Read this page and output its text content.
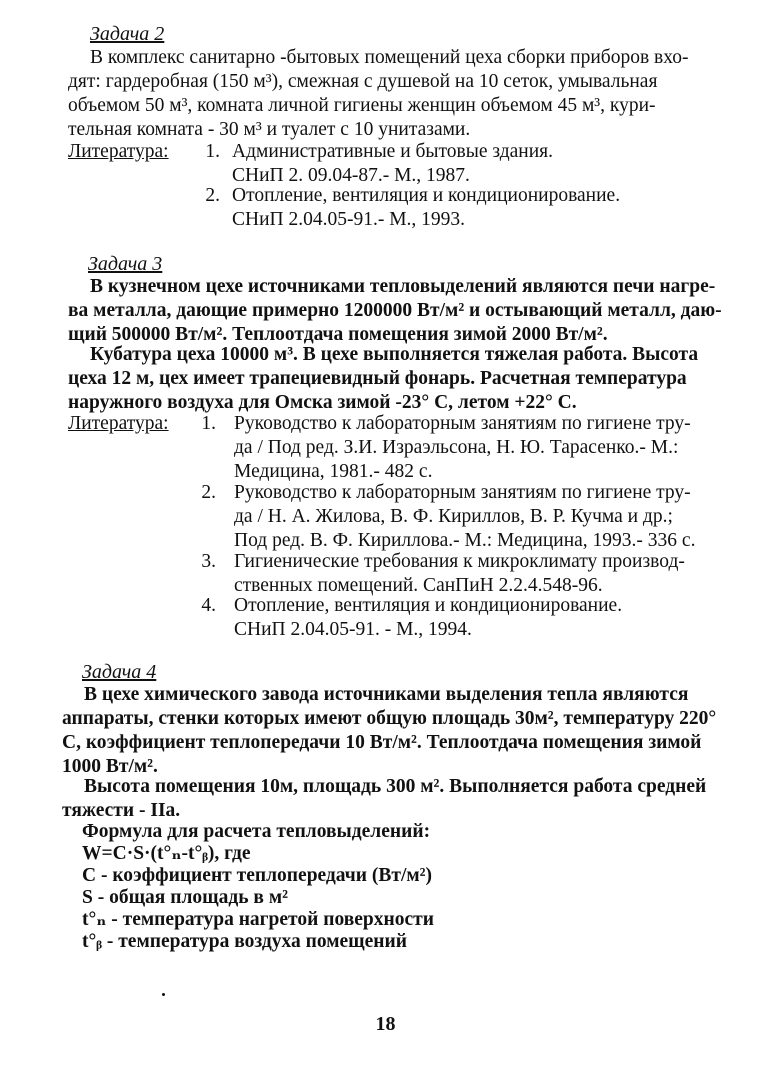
Задача 2
В комплекс санитарно -бытовых помещений цеха сборки приборов вхо-
дят: гардеробная (150 м³), смежная с душевой на 10 сеток, умывальная
объемом 50 м³, комната личной гигиены женщин объемом 45 м³, кури-
тельная комната - 30 м³ и туалет с 10 унитазами.
Литература:	1. Административные и бытовые здания.
СНиП 2. 09.04-87.- М., 1987.
2. Отопление, вентиляция и кондиционирование.
СНиП 2.04.05-91.- М., 1993.
Задача 3
В кузнечном цехе источниками тепловыделений являются печи нагре-
ва металла, дающие примерно 1200000 Вт/м² и остывающий металл, даю-
щий 500000 Вт/м². Теплоотдача помещения зимой 2000 Вт/м².
Кубатура цеха 10000 м³. В цехе выполняется тяжелая работа. Высота
цеха 12 м, цех имеет трапециевидный фонарь. Расчетная температура
наружного воздуха для Омска зимой -23° С, летом +22° С.
Литература:	1. Руководство к лабораторным занятиям по гигиене тру-
да / Под ред. З.И. Израэльсона, Н. Ю. Тарасенко.- М.:
Медицина, 1981.- 482 с.
2. Руководство к лабораторным занятиям по гигиене тру-
да / Н. А. Жилова, В. Ф. Кириллов, В. Р. Кучма и др.;
Под ред. В. Ф. Кириллова.- М.: Медицина, 1993.- 336 с.
3. Гигиенические требования к микроклимату производ-
ственных помещений. СанПиН 2.2.4.548-96.
4. Отопление, вентиляция и кондиционирование.
СНиП 2.04.05-91. - М., 1994.
Задача 4
В цехе химического завода источниками выделения тепла являются
аппараты, стенки которых имеют общую площадь 30м², температуру 220°
С, коэффициент теплопередачи 10 Вт/м². Теплоотдача помещения зимой
1000 Вт/м².
Высота помещения 10м, площадь 300 м². Выполняется работа средней
тяжести - IIа.
Формула для расчета тепловыделений:
W=C·S·(t°ₙ-t°ᵦ), где
С - коэффициент теплопередачи (Вт/м²)
S - общая площадь в м²
t°ₙ - температура нагретой поверхности
t°ᵦ - температура воздуха помещений
18
